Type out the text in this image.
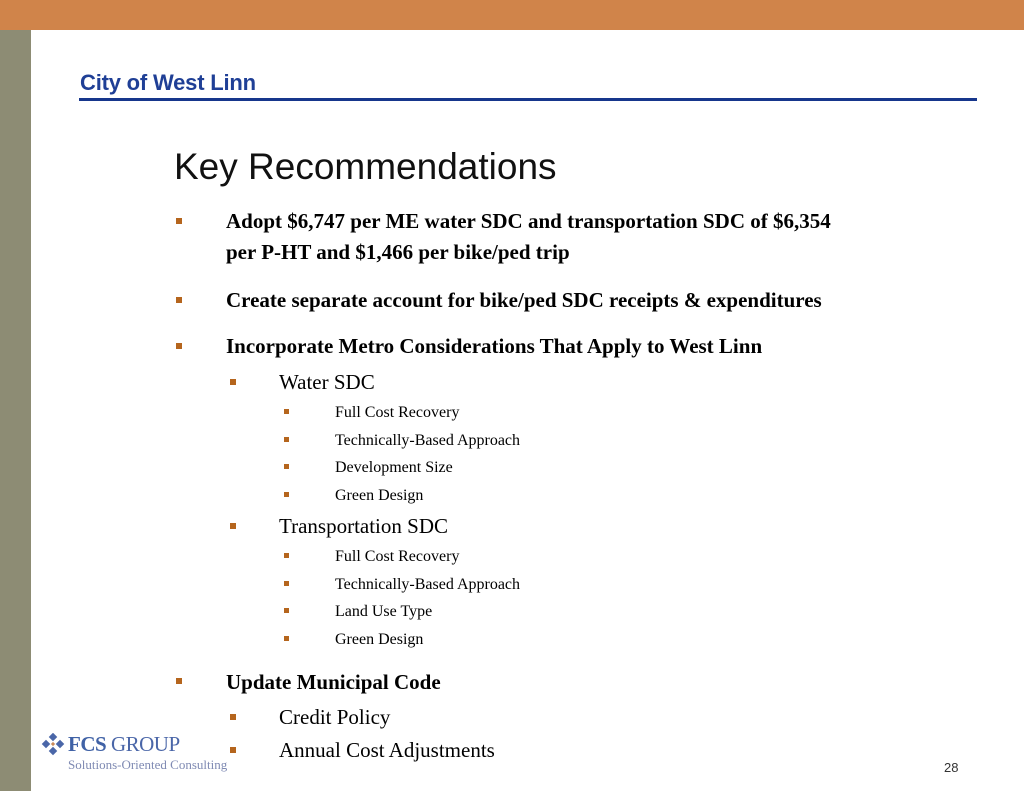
City of West Linn
Key Recommendations
Adopt $6,747 per ME water SDC and transportation SDC of $6,354
per P-HT and $1,466 per bike/ped trip
Create separate account for bike/ped SDC receipts & expenditures
Incorporate Metro Considerations That Apply to West Linn
Water SDC
Full Cost Recovery
Technically-Based Approach
Development Size
Green Design
Transportation SDC
Full Cost Recovery
Technically-Based Approach
Land Use Type
Green Design
Update Municipal Code
Credit Policy
Annual Cost Adjustments
FCS GROUP
Solutions-Oriented Consulting	28
